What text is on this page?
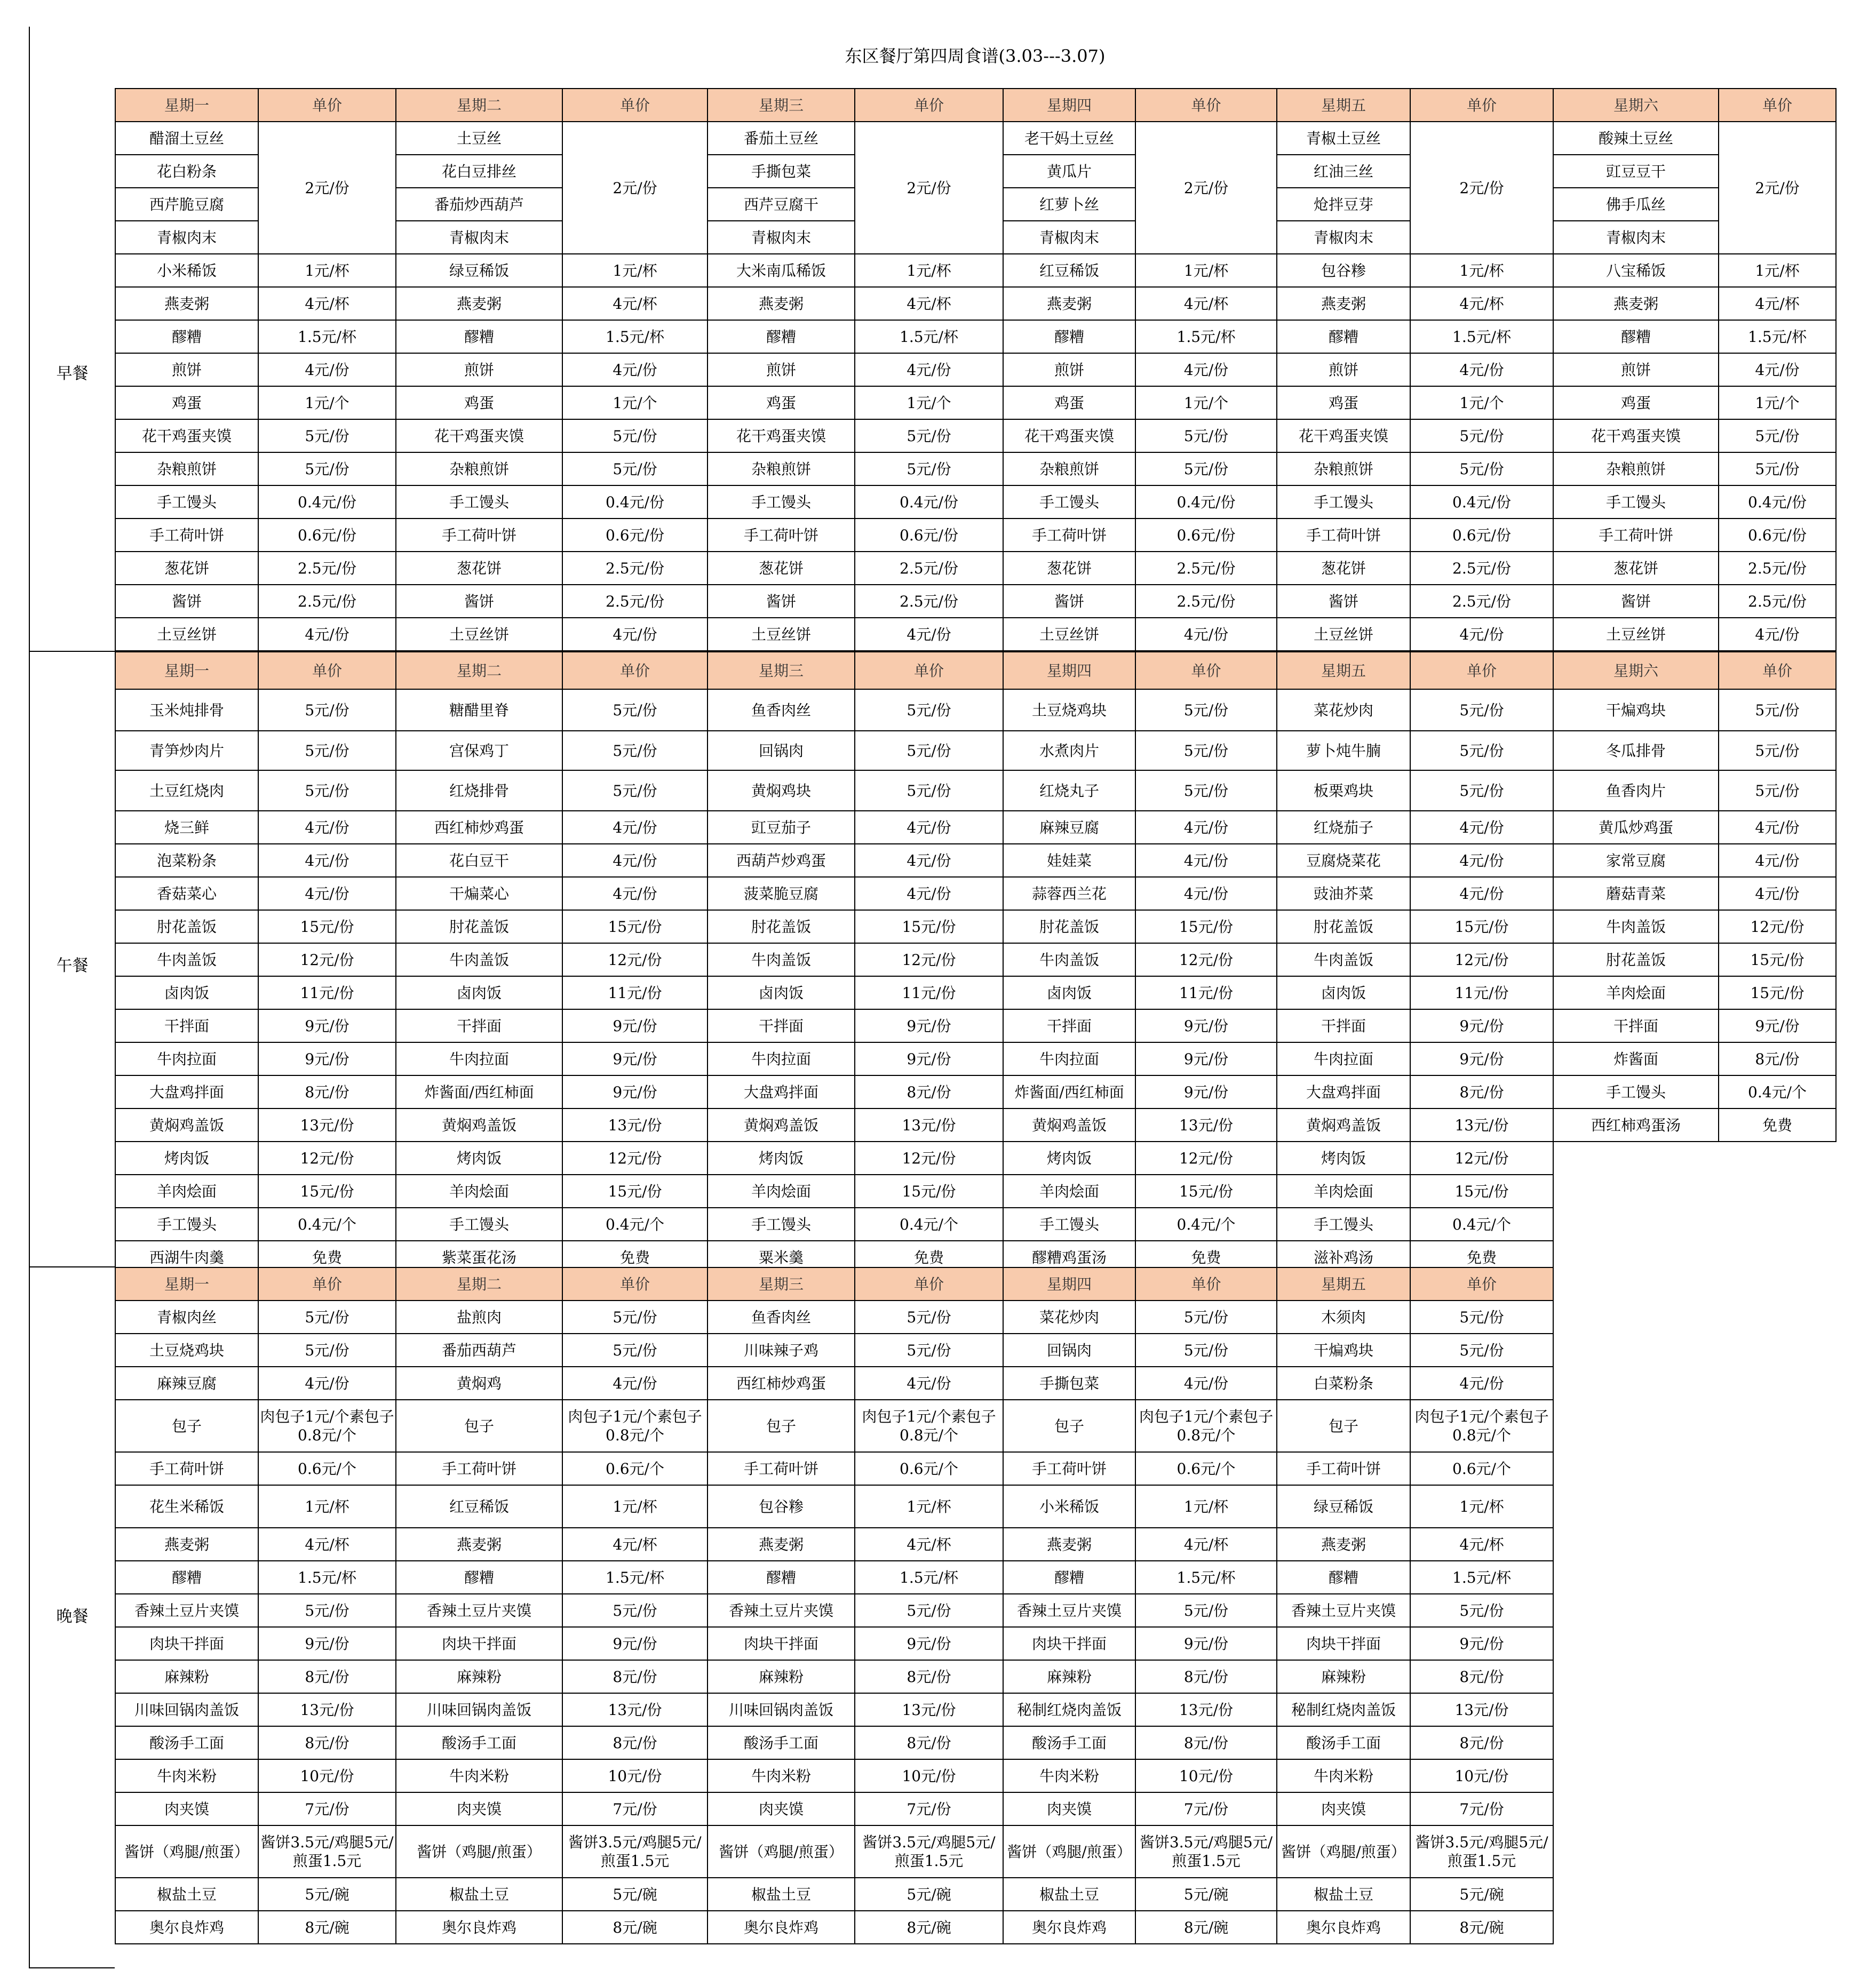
东区餐厅第四周食谱(3.03---3.07)
早餐
午餐
晚餐
星期一	单价	星期二	单价	星期三	单价	星期四	单价	星期五	单价	星期六	单价
醋溜土豆丝	2元/份	土豆丝	2元/份	番茄土豆丝	2元/份	老干妈土豆丝	2元/份	青椒土豆丝	2元/份	酸辣土豆丝	2元/份
花白粉条		花白豆排丝		手撕包菜		黄瓜片		红油三丝		豇豆豆干	
西芹脆豆腐		番茄炒西葫芦		西芹豆腐干		红萝卜丝		炝拌豆芽		佛手瓜丝	
青椒肉末		青椒肉末		青椒肉末		青椒肉末		青椒肉末		青椒肉末	
小米稀饭	1元/杯	绿豆稀饭	1元/杯	大米南瓜稀饭	1元/杯	红豆稀饭	1元/杯	包谷糁	1元/杯	八宝稀饭	1元/杯
燕麦粥	4元/杯	燕麦粥	4元/杯	燕麦粥	4元/杯	燕麦粥	4元/杯	燕麦粥	4元/杯	燕麦粥	4元/杯
醪糟	1.5元/杯	醪糟	1.5元/杯	醪糟	1.5元/杯	醪糟	1.5元/杯	醪糟	1.5元/杯	醪糟	1.5元/杯
煎饼	4元/份	煎饼	4元/份	煎饼	4元/份	煎饼	4元/份	煎饼	4元/份	煎饼	4元/份
鸡蛋	1元/个	鸡蛋	1元/个	鸡蛋	1元/个	鸡蛋	1元/个	鸡蛋	1元/个	鸡蛋	1元/个
花干鸡蛋夹馍	5元/份	花干鸡蛋夹馍	5元/份	花干鸡蛋夹馍	5元/份	花干鸡蛋夹馍	5元/份	花干鸡蛋夹馍	5元/份	花干鸡蛋夹馍	5元/份
杂粮煎饼	5元/份	杂粮煎饼	5元/份	杂粮煎饼	5元/份	杂粮煎饼	5元/份	杂粮煎饼	5元/份	杂粮煎饼	5元/份
手工馒头	0.4元/份	手工馒头	0.4元/份	手工馒头	0.4元/份	手工馒头	0.4元/份	手工馒头	0.4元/份	手工馒头	0.4元/份
手工荷叶饼	0.6元/份	手工荷叶饼	0.6元/份	手工荷叶饼	0.6元/份	手工荷叶饼	0.6元/份	手工荷叶饼	0.6元/份	手工荷叶饼	0.6元/份
葱花饼	2.5元/份	葱花饼	2.5元/份	葱花饼	2.5元/份	葱花饼	2.5元/份	葱花饼	2.5元/份	葱花饼	2.5元/份
酱饼	2.5元/份	酱饼	2.5元/份	酱饼	2.5元/份	酱饼	2.5元/份	酱饼	2.5元/份	酱饼	2.5元/份
土豆丝饼	4元/份	土豆丝饼	4元/份	土豆丝饼	4元/份	土豆丝饼	4元/份	土豆丝饼	4元/份	土豆丝饼	4元/份
星期一	单价	星期二	单价	星期三	单价	星期四	单价	星期五	单价	星期六	单价
玉米炖排骨	5元/份	糖醋里脊	5元/份	鱼香肉丝	5元/份	土豆烧鸡块	5元/份	菜花炒肉	5元/份	干煸鸡块	5元/份
青笋炒肉片	5元/份	宫保鸡丁	5元/份	回锅肉	5元/份	水煮肉片	5元/份	萝卜炖牛腩	5元/份	冬瓜排骨	5元/份
土豆红烧肉	5元/份	红烧排骨	5元/份	黄焖鸡块	5元/份	红烧丸子	5元/份	板栗鸡块	5元/份	鱼香肉片	5元/份
烧三鲜	4元/份	西红柿炒鸡蛋	4元/份	豇豆茄子	4元/份	麻辣豆腐	4元/份	红烧茄子	4元/份	黄瓜炒鸡蛋	4元/份
泡菜粉条	4元/份	花白豆干	4元/份	西葫芦炒鸡蛋	4元/份	娃娃菜	4元/份	豆腐烧菜花	4元/份	家常豆腐	4元/份
香菇菜心	4元/份	干煸菜心	4元/份	菠菜脆豆腐	4元/份	蒜蓉西兰花	4元/份	豉油芥菜	4元/份	蘑菇青菜	4元/份
肘花盖饭	15元/份	肘花盖饭	15元/份	肘花盖饭	15元/份	肘花盖饭	15元/份	肘花盖饭	15元/份	牛肉盖饭	12元/份
牛肉盖饭	12元/份	牛肉盖饭	12元/份	牛肉盖饭	12元/份	牛肉盖饭	12元/份	牛肉盖饭	12元/份	肘花盖饭	15元/份
卤肉饭	11元/份	卤肉饭	11元/份	卤肉饭	11元/份	卤肉饭	11元/份	卤肉饭	11元/份	羊肉烩面	15元/份
干拌面	9元/份	干拌面	9元/份	干拌面	9元/份	干拌面	9元/份	干拌面	9元/份	干拌面	9元/份
牛肉拉面	9元/份	牛肉拉面	9元/份	牛肉拉面	9元/份	牛肉拉面	9元/份	牛肉拉面	9元/份	炸酱面	8元/份
大盘鸡拌面	8元/份	炸酱面/西红柿面	9元/份	大盘鸡拌面	8元/份	炸酱面/西红柿面	9元/份	大盘鸡拌面	8元/份	手工馒头	0.4元/个
黄焖鸡盖饭	13元/份	黄焖鸡盖饭	13元/份	黄焖鸡盖饭	13元/份	黄焖鸡盖饭	13元/份	黄焖鸡盖饭	13元/份	西红柿鸡蛋汤	免费
烤肉饭	12元/份	烤肉饭	12元/份	烤肉饭	12元/份	烤肉饭	12元/份	烤肉饭	12元/份		
羊肉烩面	15元/份	羊肉烩面	15元/份	羊肉烩面	15元/份	羊肉烩面	15元/份	羊肉烩面	15元/份		
手工馒头	0.4元/个	手工馒头	0.4元/个	手工馒头	0.4元/个	手工馒头	0.4元/个	手工馒头	0.4元/个		
西湖牛肉羹	免费	紫菜蛋花汤	免费	粟米羹	免费	醪糟鸡蛋汤	免费	滋补鸡汤	免费		
星期一	单价	星期二	单价	星期三	单价	星期四	单价	星期五	单价		
青椒肉丝	5元/份	盐煎肉	5元/份	鱼香肉丝	5元/份	菜花炒肉	5元/份	木须肉	5元/份		
土豆烧鸡块	5元/份	番茄西葫芦	5元/份	川味辣子鸡	5元/份	回锅肉	5元/份	干煸鸡块	5元/份		
麻辣豆腐	4元/份	黄焖鸡	4元/份	西红柿炒鸡蛋	4元/份	手撕包菜	4元/份	白菜粉条	4元/份		
包子	肉包子1元/个素包子0.8元/个	包子	肉包子1元/个素包子0.8元/个	包子	肉包子1元/个素包子0.8元/个	包子	肉包子1元/个素包子0.8元/个	包子	肉包子1元/个素包子0.8元/个		
手工荷叶饼	0.6元/个	手工荷叶饼	0.6元/个	手工荷叶饼	0.6元/个	手工荷叶饼	0.6元/个	手工荷叶饼	0.6元/个		
花生米稀饭	1元/杯	红豆稀饭	1元/杯	包谷糁	1元/杯	小米稀饭	1元/杯	绿豆稀饭	1元/杯		
燕麦粥	4元/杯	燕麦粥	4元/杯	燕麦粥	4元/杯	燕麦粥	4元/杯	燕麦粥	4元/杯		
醪糟	1.5元/杯	醪糟	1.5元/杯	醪糟	1.5元/杯	醪糟	1.5元/杯	醪糟	1.5元/杯		
香辣土豆片夹馍	5元/份	香辣土豆片夹馍	5元/份	香辣土豆片夹馍	5元/份	香辣土豆片夹馍	5元/份	香辣土豆片夹馍	5元/份		
肉块干拌面	9元/份	肉块干拌面	9元/份	肉块干拌面	9元/份	肉块干拌面	9元/份	肉块干拌面	9元/份		
麻辣粉	8元/份	麻辣粉	8元/份	麻辣粉	8元/份	麻辣粉	8元/份	麻辣粉	8元/份		
川味回锅肉盖饭	13元/份	川味回锅肉盖饭	13元/份	川味回锅肉盖饭	13元/份	秘制红烧肉盖饭	13元/份	秘制红烧肉盖饭	13元/份		
酸汤手工面	8元/份	酸汤手工面	8元/份	酸汤手工面	8元/份	酸汤手工面	8元/份	酸汤手工面	8元/份		
牛肉米粉	10元/份	牛肉米粉	10元/份	牛肉米粉	10元/份	牛肉米粉	10元/份	牛肉米粉	10元/份		
肉夹馍	7元/份	肉夹馍	7元/份	肉夹馍	7元/份	肉夹馍	7元/份	肉夹馍	7元/份		
酱饼（鸡腿/煎蛋）	酱饼3.5元/鸡腿5元/煎蛋1.5元	酱饼（鸡腿/煎蛋）	酱饼3.5元/鸡腿5元/煎蛋1.5元	酱饼（鸡腿/煎蛋）	酱饼3.5元/鸡腿5元/煎蛋1.5元	酱饼（鸡腿/煎蛋）	酱饼3.5元/鸡腿5元/煎蛋1.5元	酱饼（鸡腿/煎蛋）	酱饼3.5元/鸡腿5元/煎蛋1.5元		
椒盐土豆	5元/碗	椒盐土豆	5元/碗	椒盐土豆	5元/碗	椒盐土豆	5元/碗	椒盐土豆	5元/碗		
奥尔良炸鸡	8元/碗	奥尔良炸鸡	8元/碗	奥尔良炸鸡	8元/碗	奥尔良炸鸡	8元/碗	奥尔良炸鸡	8元/碗		
